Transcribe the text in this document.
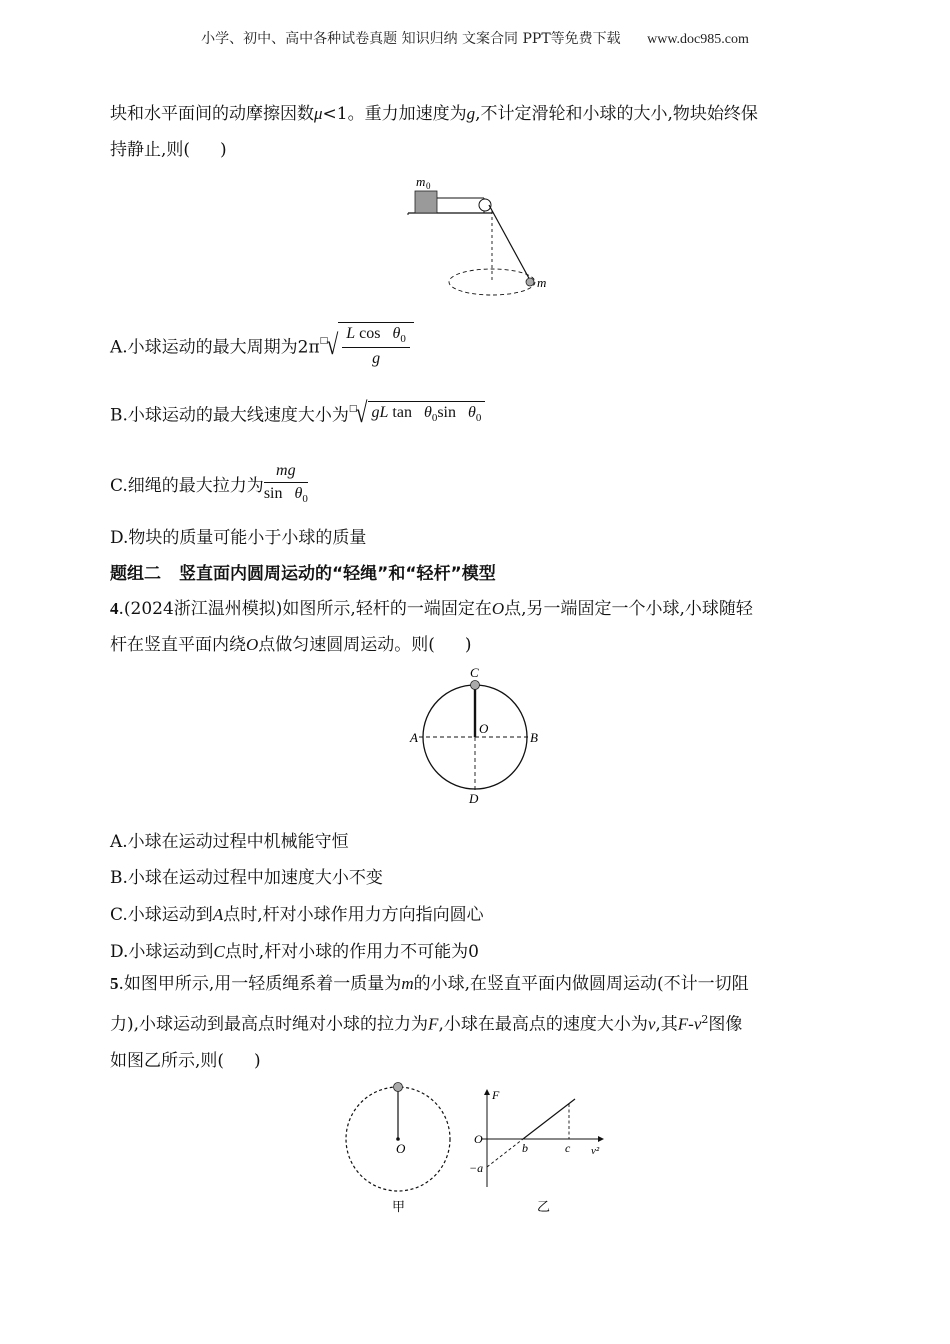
小学、初中、高中各种试卷真题 知识归纳 文案合同 PPT等免费下载 www.doc985.com
块和水平面间的动摩擦因数μ<1。重力加速度为g,不计定滑轮和小球的大小,物块始终保
持静止,则( )
m 0
m
A.小球运动的最大周期为$2\pi^□√ \frac{L \cos \theta_0}{g}$
B.小球运动的最大线速度大小为□√ gL $\tan \theta_0\sin$   $\theta_0$
C.细绳的最大拉力为 $\frac{mg}{\sin \theta_0}$
D.物块的质量可能小于小球的质量
题组二 竖直面内圆周运动的“轻绳”和“轻杆”模型
4.(2024浙江温州模拟)如图所示,轻杆的一端固定在O点,另一端固定一个小球,小球随轻
杆在竖直平面内绕O点做匀速圆周运动。则( )
C
O
A	B
D
A.小球在运动过程中机械能守恒
B.小球在运动过程中加速度大小不变
C.小球运动到A点时,杆对小球作用力方向指向圆心
D.小球运动到C点时,杆对小球的作用力不可能为0
5.如图甲所示,用一轻质绳系着一质量为m的小球,在竖直平面内做圆周运动(不计一切阻
力),小球运动到最高点时绳对小球的拉力为F,小球在最高点的速度大小为v,其$F-v^2$图像
如图乙所示,则( )
O
甲
F
O
−a
b	c v²
乙
